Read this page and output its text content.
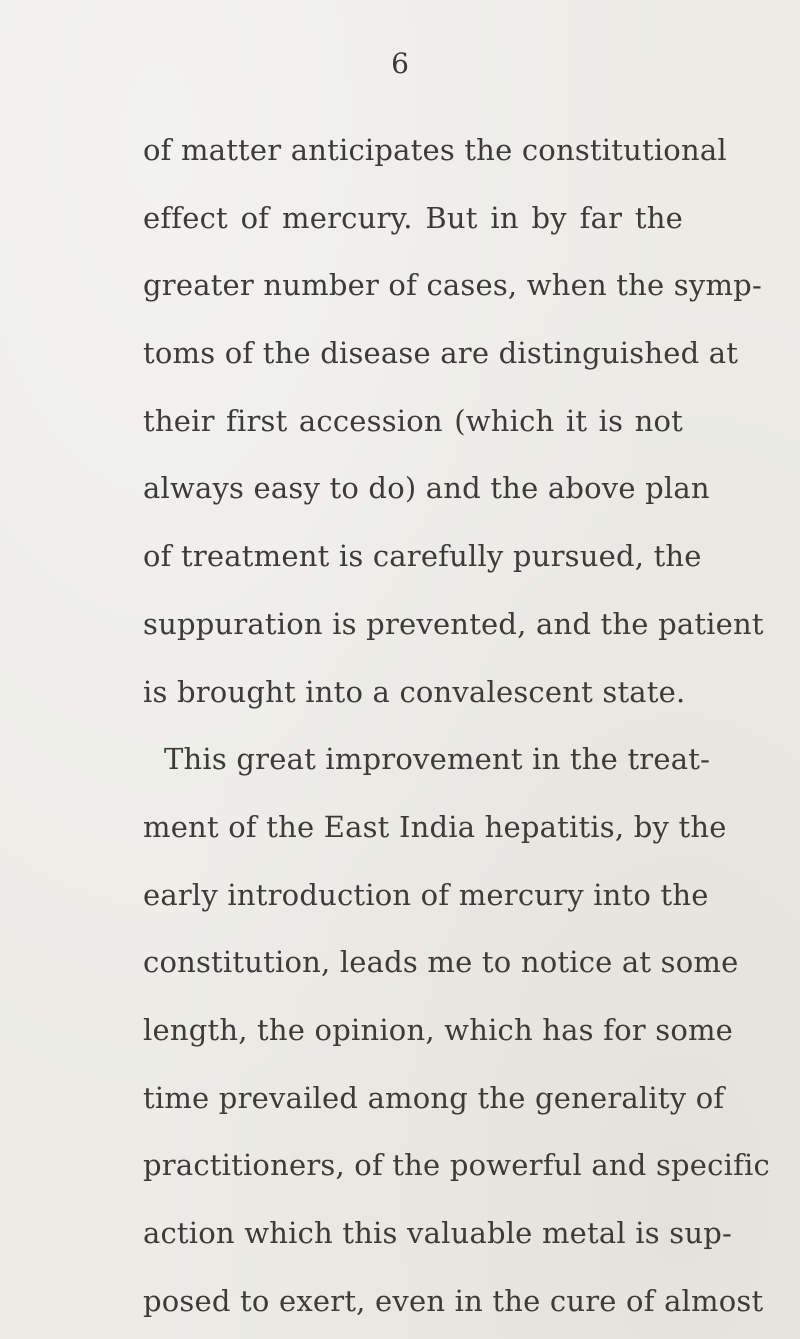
6
of matter anticipates the constitutional
effect of mercury. But in by far the
greater number of cases, when the symp-
toms of the disease are distinguished at
their first accession (which it is not
always easy to do) and the above plan
of treatment is carefully pursued, the
suppuration is prevented, and the patient
is brought into a convalescent state.
This great improvement in the treat-
ment of the East India hepatitis, by the
early introduction of mercury into the
constitution, leads me to notice at some
length, the opinion, which has for some
time prevailed among the generality of
practitioners, of the powerful and specific
action which this valuable metal is sup-
posed to exert, even in the cure of almost
